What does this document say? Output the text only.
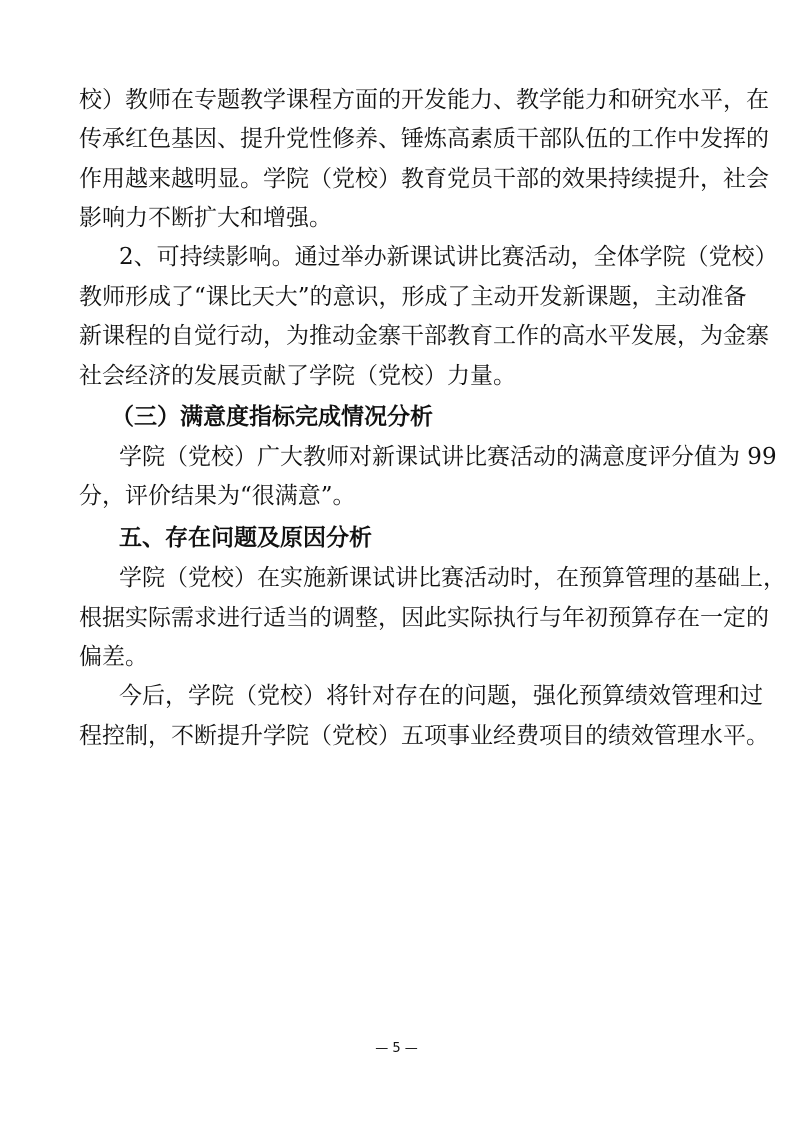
校）教师在专题教学课程方面的开发能力、教学能力和研究水平，在
传承红色基因、提升党性修养、锤炼高素质干部队伍的工作中发挥的
作用越来越明显。学院（党校）教育党员干部的效果持续提升，社会
影响力不断扩大和增强。
2、可持续影响。通过举办新课试讲比赛活动，全体学院（党校）
教师形成了“课比天大”的意识，形成了主动开发新课题，主动准备
新课程的自觉行动，为推动金寨干部教育工作的高水平发展，为金寨
社会经济的发展贡献了学院（党校）力量。
（三）满意度指标完成情况分析
学院（党校）广大教师对新课试讲比赛活动的满意度评分值为 99
分，评价结果为“很满意”。
五、存在问题及原因分析
学院（党校）在实施新课试讲比赛活动时，在预算管理的基础上，
根据实际需求进行适当的调整，因此实际执行与年初预算存在一定的
偏差。
今后，学院（党校）将针对存在的问题，强化预算绩效管理和过
程控制，不断提升学院（党校）五项事业经费项目的绩效管理水平。
— 5 —
